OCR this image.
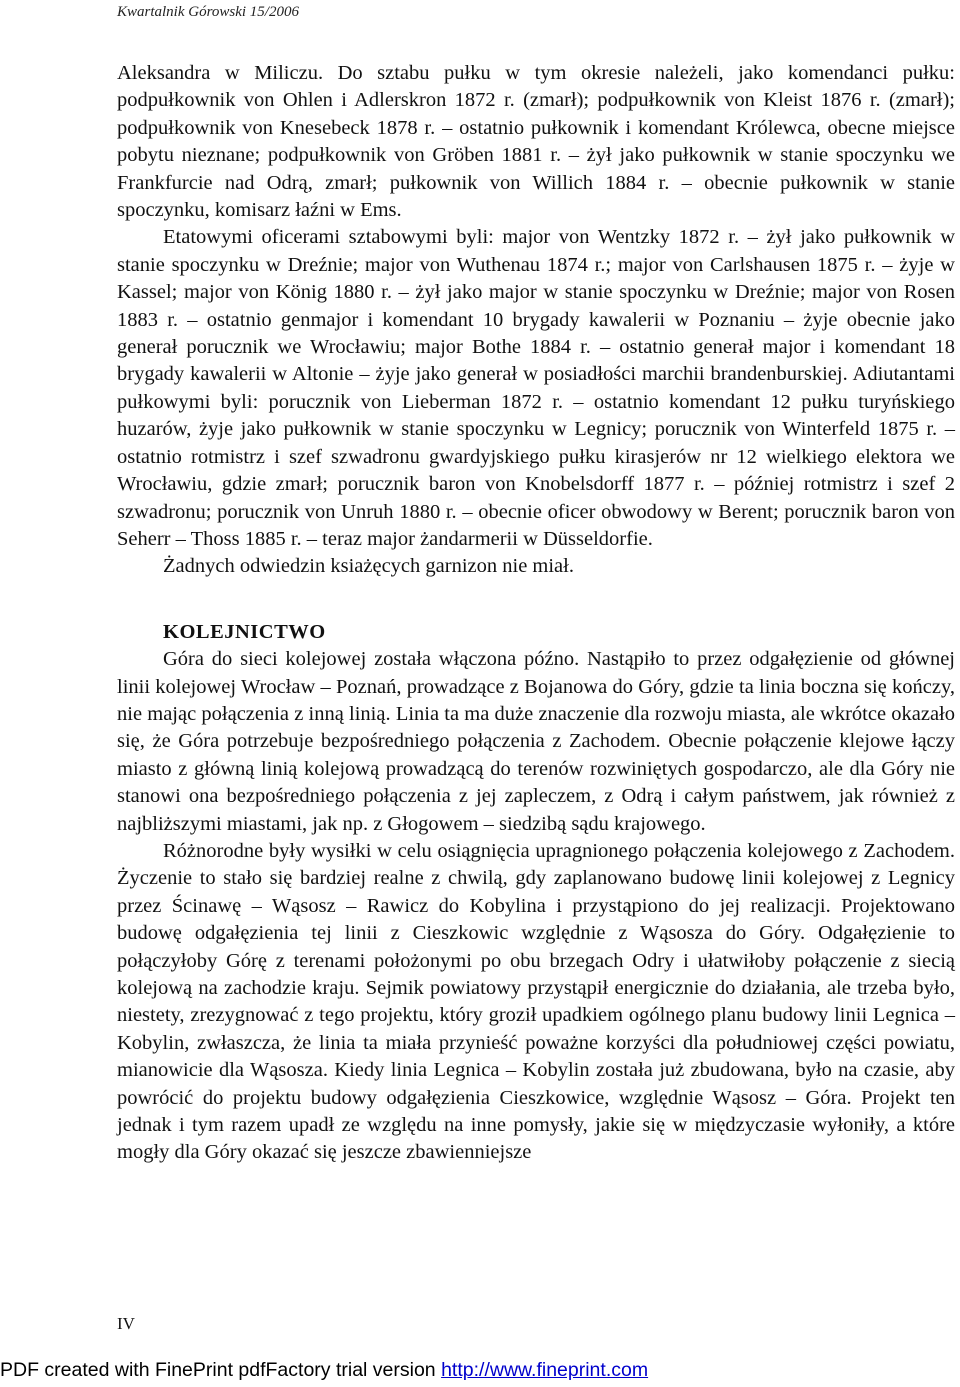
Kwartalnik Górowski 15/2006

Aleksandra w Miliczu. Do sztabu pułku w tym okresie należeli, jako komendanci pułku: podpułkownik von Ohlen i Adlerskron 1872 r. (zmarł); podpułkownik von Kleist 1876 r. (zmarł); podpułkownik von Knesebeck 1878 r. – ostatnio pułkownik i komendant Królewca, obecne miejsce pobytu nieznane; podpułkownik von Gröben 1881 r. – żył jako pułkownik w stanie spoczynku we Frankfurcie nad Odrą, zmarł; pułkownik von Willich 1884 r. – obecnie pułkownik w stanie spoczynku, komisarz łaźni w Ems.

Etatowymi oficerami sztabowymi byli: major von Wentzky 1872 r. – żył jako pułkownik w stanie spoczynku w Dreźnie; major von Wuthenau 1874 r.; major von Carlshausen 1875 r. – żyje w Kassel; major von König 1880 r. – żył jako major w stanie spoczynku w Dreźnie; major von Rosen 1883 r. – ostatnio genmajor i komendant 10 brygady kawalerii w Poznaniu – żyje obecnie jako generał porucznik we Wrocławiu; major Bothe 1884 r. – ostatnio generał major i komendant 18 brygady kawalerii w Altonie – żyje jako generał w posiadłości marchii brandenburskiej. Adiutantami pułkowymi byli: porucznik von Lieberman 1872 r. – ostatnio komendant 12 pułku turyńskiego huzarów, żyje jako pułkownik w stanie spoczynku w Legnicy; porucznik von Winterfeld 1875 r. – ostatnio rotmistrz i szef szwadronu gwardyjskiego pułku kirasjerów nr 12 wielkiego elektora we Wrocławiu, gdzie zmarł; porucznik baron von Knobelsdorff 1877 r. – później rotmistrz i szef 2 szwadronu; porucznik von Unruh 1880 r. – obecnie oficer obwodowy w Berent; porucznik baron von Seherr – Thoss 1885 r. – teraz major żandarmerii w Düsseldorfie.

Żadnych odwiedzin ksiażęcych garnizon nie miał.

KOLEJNICTWO

Góra do sieci kolejowej została włączona późno. Nastąpiło to przez odgałęzienie od głównej linii kolejowej Wrocław – Poznań, prowadzące z Bojanowa do Góry, gdzie ta linia boczna się kończy, nie mając połączenia z inną linią. Linia ta ma duże znaczenie dla rozwoju miasta, ale wkrótce okazało się, że Góra potrzebuje bezpośredniego połączenia z Zachodem. Obecnie połączenie klejowe łączy miasto z główną linią kolejową prowadzącą do terenów rozwiniętych gospodarczo, ale dla Góry nie stanowi ona bezpośredniego połączenia z jej zapleczem, z Odrą i całym państwem, jak również z najbliższymi miastami, jak np. z Głogowem – siedzibą sądu krajowego.

Różnorodne były wysiłki w celu osiągnięcia upragnionego połączenia kolejowego z Zachodem. Życzenie to stało się bardziej realne z chwilą, gdy zaplanowano budowę linii kolejowej z Legnicy przez Ścinawę – Wąsosz – Rawicz do Kobylina i przystąpiono do jej realizacji. Projektowano budowę odgałęzienia tej linii z Cieszkowic względnie z Wąsosza do Góry. Odgałęzienie to połączyłoby Górę z terenami położonymi po obu brzegach Odry i ułatwiłoby połączenie z siecią kolejową na zachodzie kraju. Sejmik powiatowy przystąpił energicznie do działania, ale trzeba było, niestety, zrezygnować z tego projektu, który groził upadkiem ogólnego planu budowy linii Legnica – Kobylin, zwłaszcza, że linia ta miała przynieść poważne korzyści dla południowej części powiatu, mianowicie dla Wąsosza. Kiedy linia Legnica – Kobylin została już zbudowana, było na czasie, aby powrócić do projektu budowy odgałęzienia Cieszkowice, względnie Wąsosz – Góra. Projekt ten jednak i tym razem upadł ze względu na inne pomysły, jakie się w międzyczasie wyłoniły, a które mogły dla Góry okazać się jeszcze zbawienniejsze

IV
PDF created with FinePrint pdfFactory trial version http://www.fineprint.com
